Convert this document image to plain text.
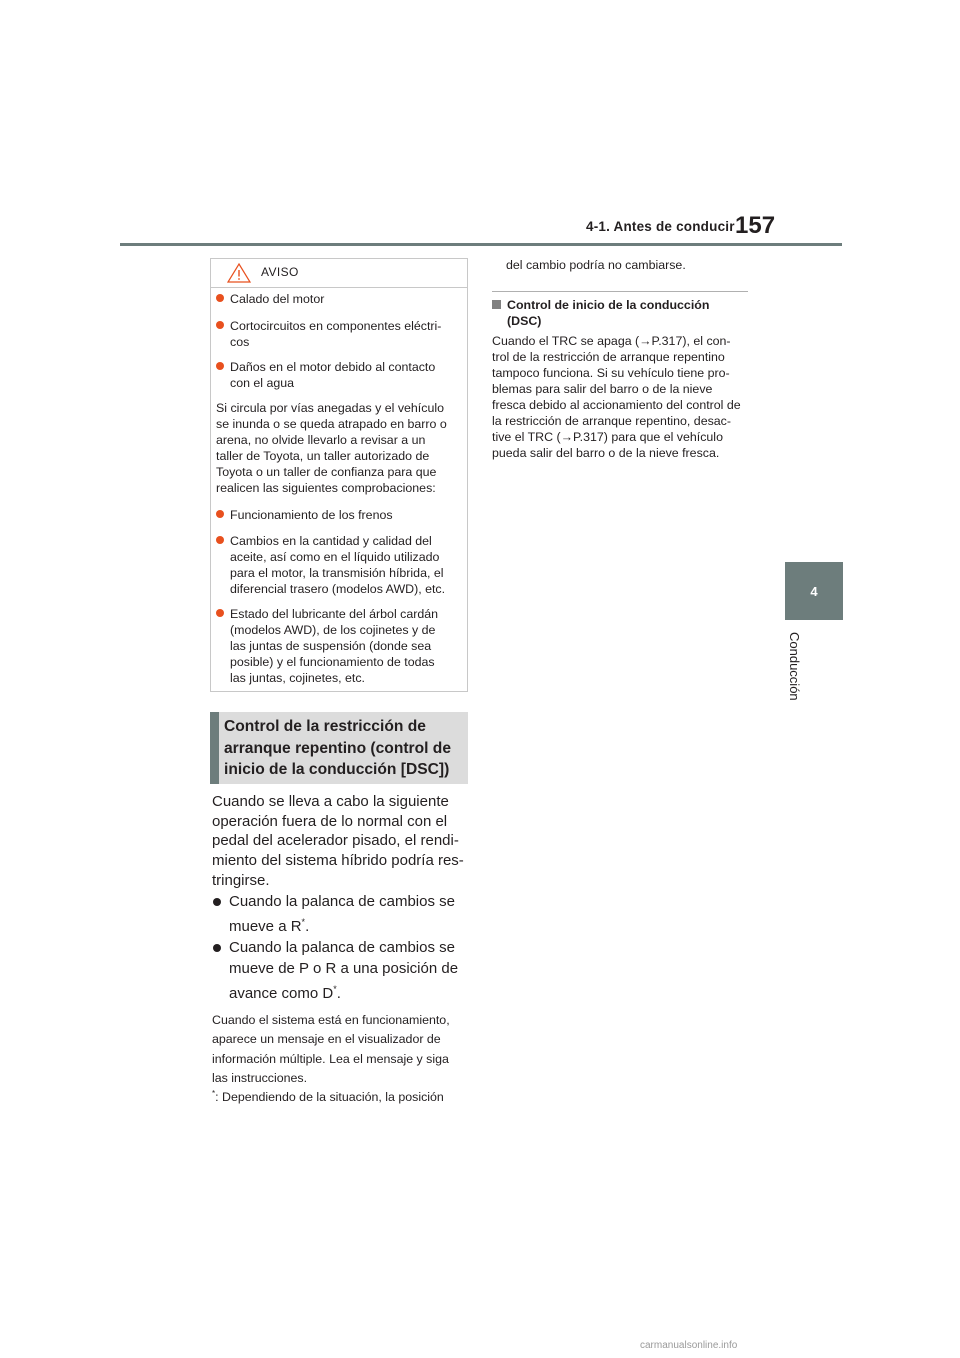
4-1. Antes de conducir 157
4
Conducción
AVISO
Calado del motor
Cortocircuitos en componentes eléctri-
cos
Daños en el motor debido al contacto
con el agua
Si circula por vías anegadas y el vehículo
se inunda o se queda atrapado en barro o
arena, no olvide llevarlo a revisar a un
taller de Toyota, un taller autorizado de
Toyota o un taller de confianza para que
realicen las siguientes comprobaciones:
Funcionamiento de los frenos
Cambios en la cantidad y calidad del
aceite, así como en el líquido utilizado
para el motor, la transmisión híbrida, el
diferencial trasero (modelos AWD), etc.
Estado del lubricante del árbol cardán
(modelos AWD), de los cojinetes y de
las juntas de suspensión (donde sea
posible) y el funcionamiento de todas
las juntas, cojinetes, etc.
Control de la restricción de
arranque repentino (control de
inicio de la conducción [DSC])
Cuando se lleva a cabo la siguiente
operación fuera de lo normal con el
pedal del acelerador pisado, el rendi-
miento del sistema híbrido podría res-
tringirse.
Cuando la palanca de cambios se mueve a R*.
Cuando la palanca de cambios se mueve de P o R a una posición de avance como D*.
Cuando el sistema está en funcionamiento,
aparece un mensaje en el visualizador de
información múltiple. Lea el mensaje y siga
las instrucciones.
*: Dependiendo de la situación, la posición
del cambio podría no cambiarse.
Control de inicio de la conducción
(DSC)
Cuando el TRC se apaga (→P.317), el con-
trol de la restricción de arranque repentino
tampoco funciona. Si su vehículo tiene pro-
blemas para salir del barro o de la nieve
fresca debido al accionamiento del control de
la restricción de arranque repentino, desac-
tive el TRC (→P.317) para que el vehículo
pueda salir del barro o de la nieve fresca.
carmanualsonline.info
